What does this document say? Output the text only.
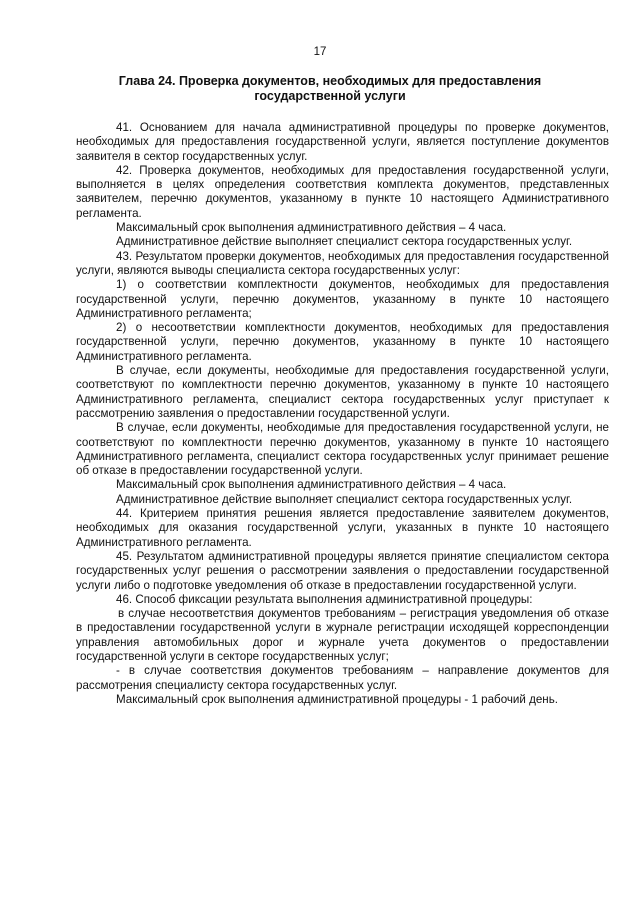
17
Глава 24. Проверка документов, необходимых для предоставления
государственной услуги

41. Основанием для начала административной процедуры по проверке документов, необходимых для предоставления государственной услуги, является поступление документов заявителя в сектор государственных услуг.

42. Проверка документов, необходимых для предоставления государственной услуги, выполняется в целях определения соответствия комплекта документов, представленных заявителем, перечню документов, указанному в пункте 10 настоящего Административного регламента.

Максимальный срок выполнения административного действия – 4 часа.

Административное действие выполняет специалист сектора государственных услуг.

43. Результатом проверки документов, необходимых для предоставления государственной услуги, являются выводы специалиста сектора государственных услуг:

1) о соответствии комплектности документов, необходимых для предоставления государственной услуги, перечню документов, указанному в пункте 10 настоящего Административного регламента;

2) о несоответствии комплектности документов, необходимых для предоставления государственной услуги, перечню документов, указанному в пункте 10 настоящего Административного регламента.

В случае, если документы, необходимые для предоставления государственной услуги, соответствуют по комплектности перечню документов, указанному в пункте 10 настоящего Административного регламента, специалист сектора государственных услуг приступает к рассмотрению заявления о предоставлении государственной услуги.

В случае, если документы, необходимые для предоставления государственной услуги, не соответствуют по комплектности перечню документов, указанному в пункте 10 настоящего Административного регламента, специалист сектора государственных услуг принимает решение об отказе в предоставлении государственной услуги.

Максимальный срок выполнения административного действия – 4 часа.

Административное действие выполняет специалист сектора государственных услуг.

44. Критерием принятия решения является предоставление заявителем документов, необходимых для оказания государственной услуги, указанных в пункте 10 настоящего Административного регламента.

45. Результатом административной процедуры является принятие специалистом сектора государственных услуг решения о рассмотрении заявления о предоставлении государственной услуги либо о подготовке уведомления об отказе в предоставлении государственной услуги.

46. Способ фиксации результата выполнения административной процедуры:

в случае несоответствия документов требованиям – регистрация уведомления об отказе в предоставлении государственной услуги в журнале регистрации исходящей корреспонденции управления автомобильных дорог и журнале учета документов о предоставлении государственной услуги в секторе государственных услуг;

- в случае соответствия документов требованиям – направление документов для рассмотрения специалисту сектора государственных услуг.

Максимальный срок выполнения административной процедуры - 1 рабочий день.
